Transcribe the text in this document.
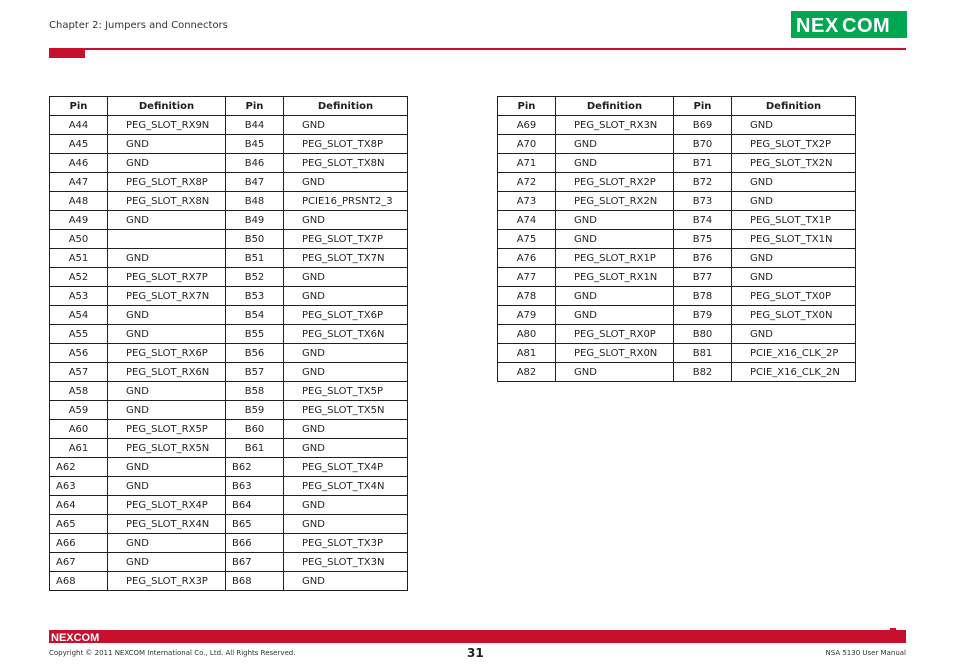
Chapter 2: Jumpers and Connectors	NE X COM
Pin	Definition	Pin	Definition
A44	PEG_SLOT_RX9N	B44	GND
A45	GND	B45	PEG_SLOT_TX8P
A46	GND	B46	PEG_SLOT_TX8N
A47	PEG_SLOT_RX8P	B47	GND
A48	PEG_SLOT_RX8N	B48	PCIE16_PRSNT2_3
A49	GND	B49	GND
A50		B50	PEG_SLOT_TX7P
A51	GND	B51	PEG_SLOT_TX7N
A52	PEG_SLOT_RX7P	B52	GND
A53	PEG_SLOT_RX7N	B53	GND
A54	GND	B54	PEG_SLOT_TX6P
A55	GND	B55	PEG_SLOT_TX6N
A56	PEG_SLOT_RX6P	B56	GND
A57	PEG_SLOT_RX6N	B57	GND
A58	GND	B58	PEG_SLOT_TX5P
A59	GND	B59	PEG_SLOT_TX5N
A60	PEG_SLOT_RX5P	B60	GND
A61	PEG_SLOT_RX5N	B61	GND
A62	GND	B62	PEG_SLOT_TX4P
A63	GND	B63	PEG_SLOT_TX4N
A64	PEG_SLOT_RX4P	B64	GND
A65	PEG_SLOT_RX4N	B65	GND
A66	GND	B66	PEG_SLOT_TX3P
A67	GND	B67	PEG_SLOT_TX3N
A68	PEG_SLOT_RX3P	B68	GND
Pin	Definition	Pin	Definition
A69	PEG_SLOT_RX3N	B69	GND
A70	GND	B70	PEG_SLOT_TX2P
A71	GND	B71	PEG_SLOT_TX2N
A72	PEG_SLOT_RX2P	B72	GND
A73	PEG_SLOT_RX2N	B73	GND
A74	GND	B74	PEG_SLOT_TX1P
A75	GND	B75	PEG_SLOT_TX1N
A76	PEG_SLOT_RX1P	B76	GND
A77	PEG_SLOT_RX1N	B77	GND
A78	GND	B78	PEG_SLOT_TX0P
A79	GND	B79	PEG_SLOT_TX0N
A80	PEG_SLOT_RX0P	B80	GND
A81	PEG_SLOT_RX0N	B81	PCIE_X16_CLK_2P
A82	GND	B82	PCIE_X16_CLK_2N
NEXCOM
Copyright © 2011 NEXCOM International Co., Ltd. All Rights Reserved.	31	NSA 5130 User Manual
